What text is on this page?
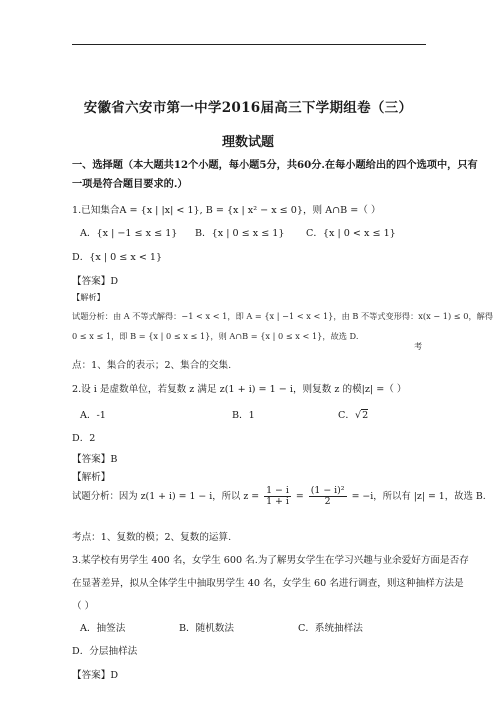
安徽省六安市第一中学2016届高三下学期组卷（三）
理数试题
一、选择题（本大题共12个小题，每小题5分，共60分.在每小题给出的四个选项中，只有
一项是符合题目要求的.）
1.已知集合A = {x | |x| < 1}, B = {x | x² − x ≤ 0}，则 A∩B =（ ）
A．{x | −1 ≤ x ≤ 1} B．{x | 0 ≤ x ≤ 1} C．{x | 0 < x ≤ 1}
D．{x | 0 ≤ x < 1}
【答案】D
【解析】
试题分析：由 A 不等式解得：−1 < x < 1，即 A = {x | −1 < x < 1}，由 B 不等式变形得：x(x − 1) ≤ 0，解得
0 ≤ x ≤ 1，即 B = {x | 0 ≤ x ≤ 1}，则 A∩B = {x | 0 ≤ x < 1}，故选 D.
考
点：1、集合的表示；2、集合的交集.
2.设 i 是虚数单位，若复数 z 满足 z(1 + i) = 1 − i，则复数 z 的模|z| =（ ）
A．-1	B．1	C．√2
D．2
【答案】B
【解析】
试题分析：因为 z(1 + i) = 1 − i，所以 $z = \frac{1 - i}{1 + i} = \frac{\text{(1 − i)²}}{2} = -i$，所以有 |z| = 1，故选 B.
考点：1、复数的模；2、复数的运算.
3.某学校有男学生 400 名，女学生 600 名.为了解男女学生在学习兴趣与业余爱好方面是否存
在显著差异，拟从全体学生中抽取男学生 40 名，女学生 60 名进行调查，则这种抽样方法是
（ ）
A．抽签法	B．随机数法	C．系统抽样法
D．分层抽样法
【答案】D
